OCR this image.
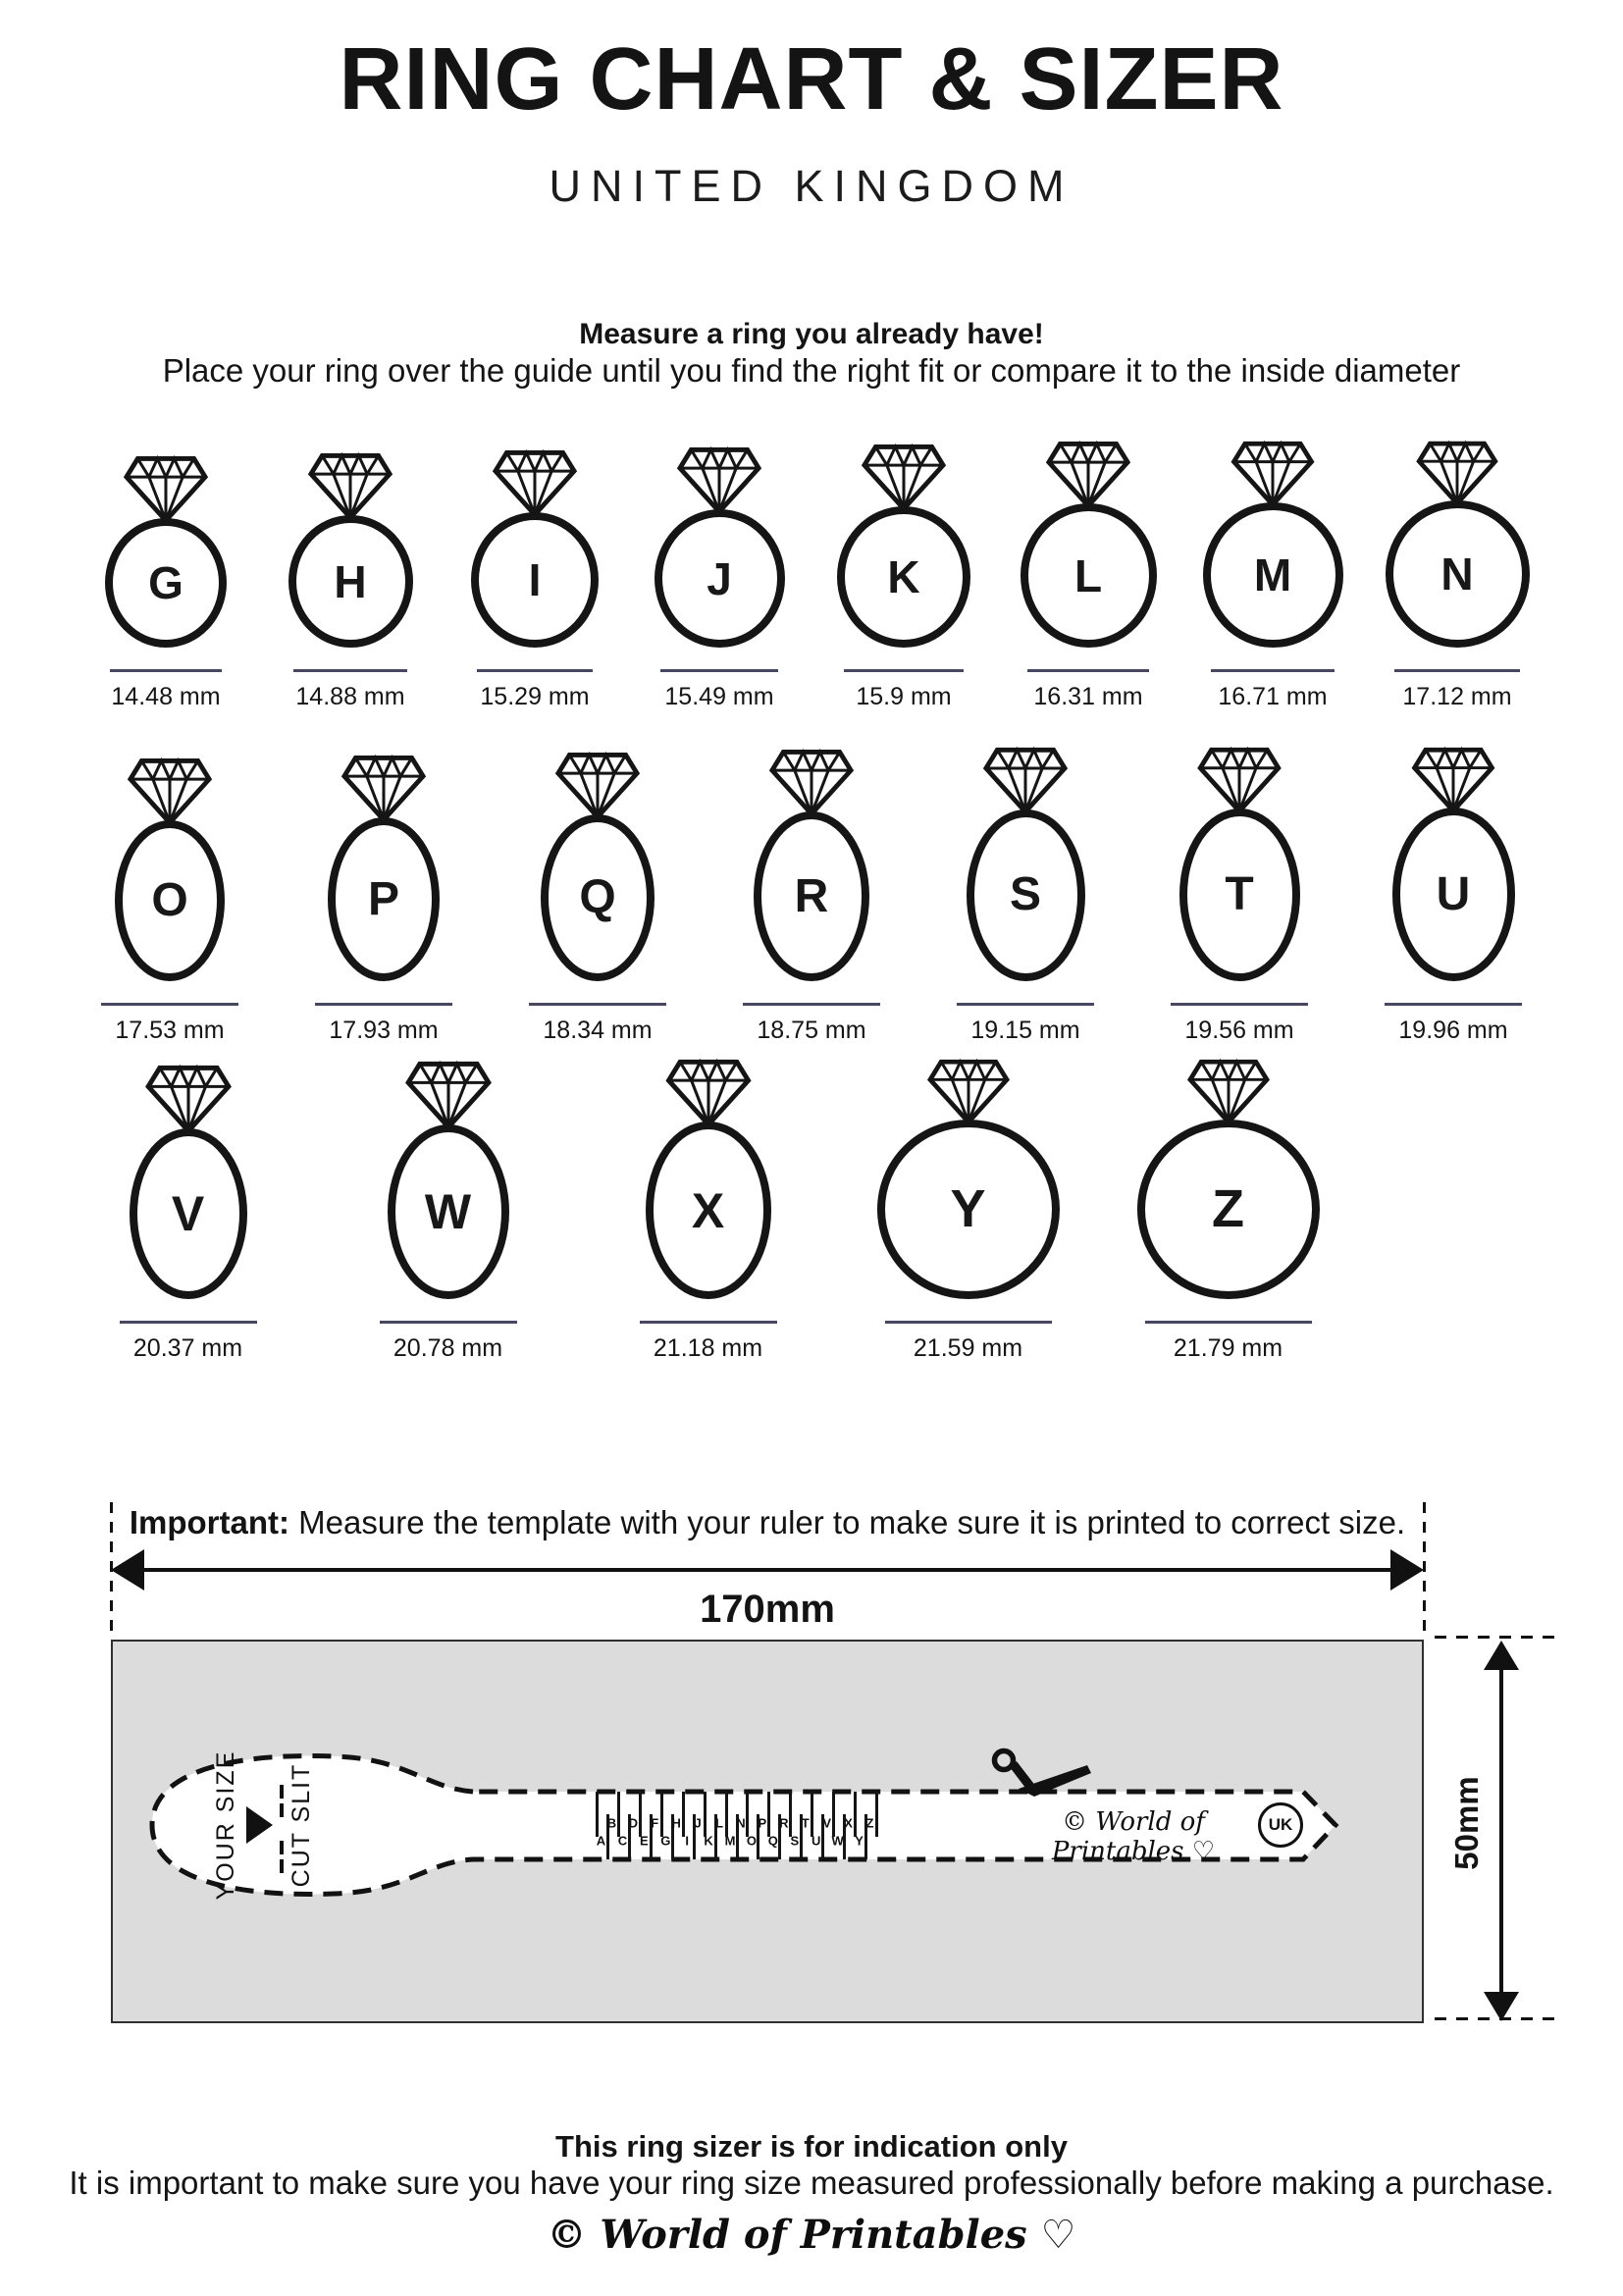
RING CHART & SIZER
UNITED KINGDOM
Measure a ring you already have!
Place your ring over the guide until you find the right fit or compare it to the inside diameter
G
14.48 mm
H
14.88 mm
I
15.29 mm
J
15.49 mm
K
15.9 mm
L
16.31 mm
M
16.71 mm
N
17.12 mm
O
17.53 mm
P
17.93 mm
Q
18.34 mm
R
18.75 mm
S
19.15 mm
T
19.56 mm
U
19.96 mm
V
20.37 mm
W
20.78 mm
X
21.18 mm
Y
21.59 mm
Z
21.79 mm
Important: Measure the template with your ruler to make sure it is printed to correct size.
170mm
YOUR SIZE CUT SLIT	A
B
C
D
E
F
G
H
I
J
K
L
M
N
O
P
Q
R
S
T
U
V
W
X
Y
Z	© World of Printables ♡
UK	50mm
This ring sizer is for indication only
It is important to make sure you have your ring size measured professionally before making a purchase.
© World of Printables ♡
